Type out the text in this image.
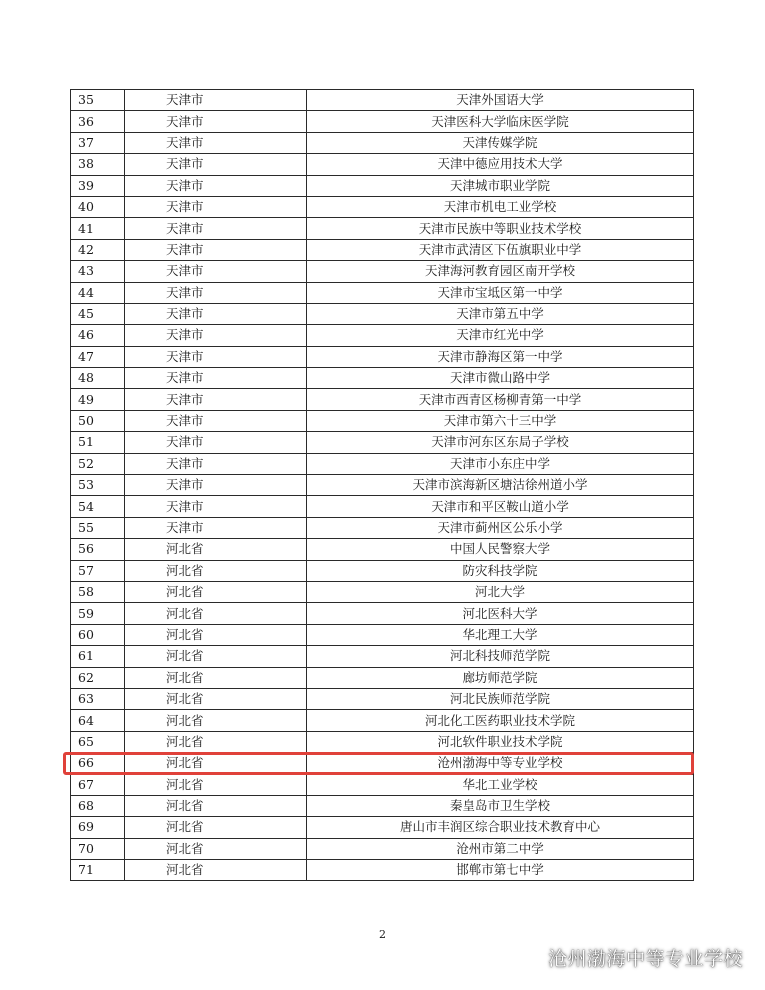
35	天津市	天津外国语大学
36	天津市	天津医科大学临床医学院
37	天津市	天津传媒学院
38	天津市	天津中德应用技术大学
39	天津市	天津城市职业学院
40	天津市	天津市机电工业学校
41	天津市	天津市民族中等职业技术学校
42	天津市	天津市武清区下伍旗职业中学
43	天津市	天津海河教育园区南开学校
44	天津市	天津市宝坻区第一中学
45	天津市	天津市第五中学
46	天津市	天津市红光中学
47	天津市	天津市静海区第一中学
48	天津市	天津市微山路中学
49	天津市	天津市西青区杨柳青第一中学
50	天津市	天津市第六十三中学
51	天津市	天津市河东区东局子学校
52	天津市	天津市小东庄中学
53	天津市	天津市滨海新区塘沽徐州道小学
54	天津市	天津市和平区鞍山道小学
55	天津市	天津市蓟州区公乐小学
56	河北省	中国人民警察大学
57	河北省	防灾科技学院
58	河北省	河北大学
59	河北省	河北医科大学
60	河北省	华北理工大学
61	河北省	河北科技师范学院
62	河北省	廊坊师范学院
63	河北省	河北民族师范学院
64	河北省	河北化工医药职业技术学院
65	河北省	河北软件职业技术学院
66	河北省	沧州渤海中等专业学校
67	河北省	华北工业学校
68	河北省	秦皇岛市卫生学校
69	河北省	唐山市丰润区综合职业技术教育中心
70	河北省	沧州市第二中学
71	河北省	邯郸市第七中学
2
沧州渤海中等专业学校
